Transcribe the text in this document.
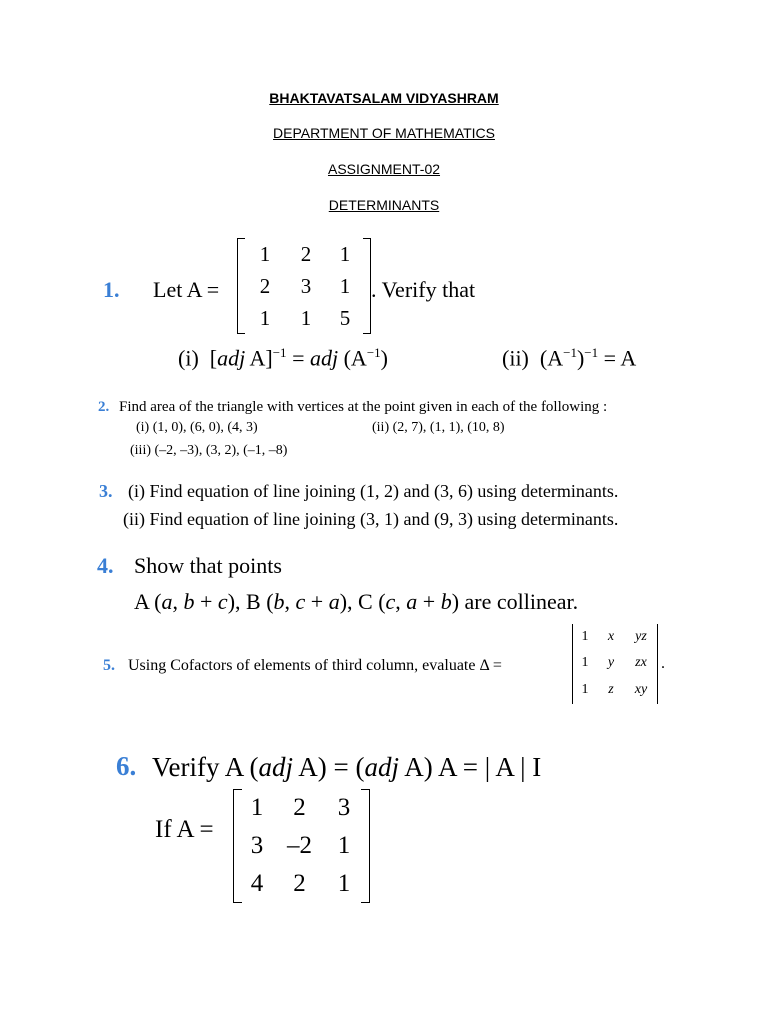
BHAKTAVATSALAM VIDYASHRAM
DEPARTMENT OF MATHEMATICS
ASSIGNMENT-02
DETERMINANTS
1. Let A =
1	2	1
2	3	1
1	1	5
. Verify that
(i) [adj A]$^{-1}$ = adj $(A^{-1})$	(ii) $(A^{-1})^{-1} = A$
2. Find area of the triangle with vertices at the point given in each of the following :
(i) (1, 0), (6, 0), (4, 3)	(ii) (2, 7), (1, 1), (10, 8)
(iii) (–2, –3), (3, 2), (–1, –8)
3. (i) Find equation of line joining (1, 2) and (3, 6) using determinants.
(ii) Find equation of line joining (3, 1) and (9, 3) using determinants.
4. Show that points
A (a, b + c), B (b, c + a), C (c, a + b) are collinear.
5. Using Cofactors of elements of third column, evaluate Δ =
1	x	yz
1	y	zx
1	z	xy
.
6. Verify A (adj A) = (adj A) A = | A | I
If A =
1	2	3
3 –2	1
4	2	1
